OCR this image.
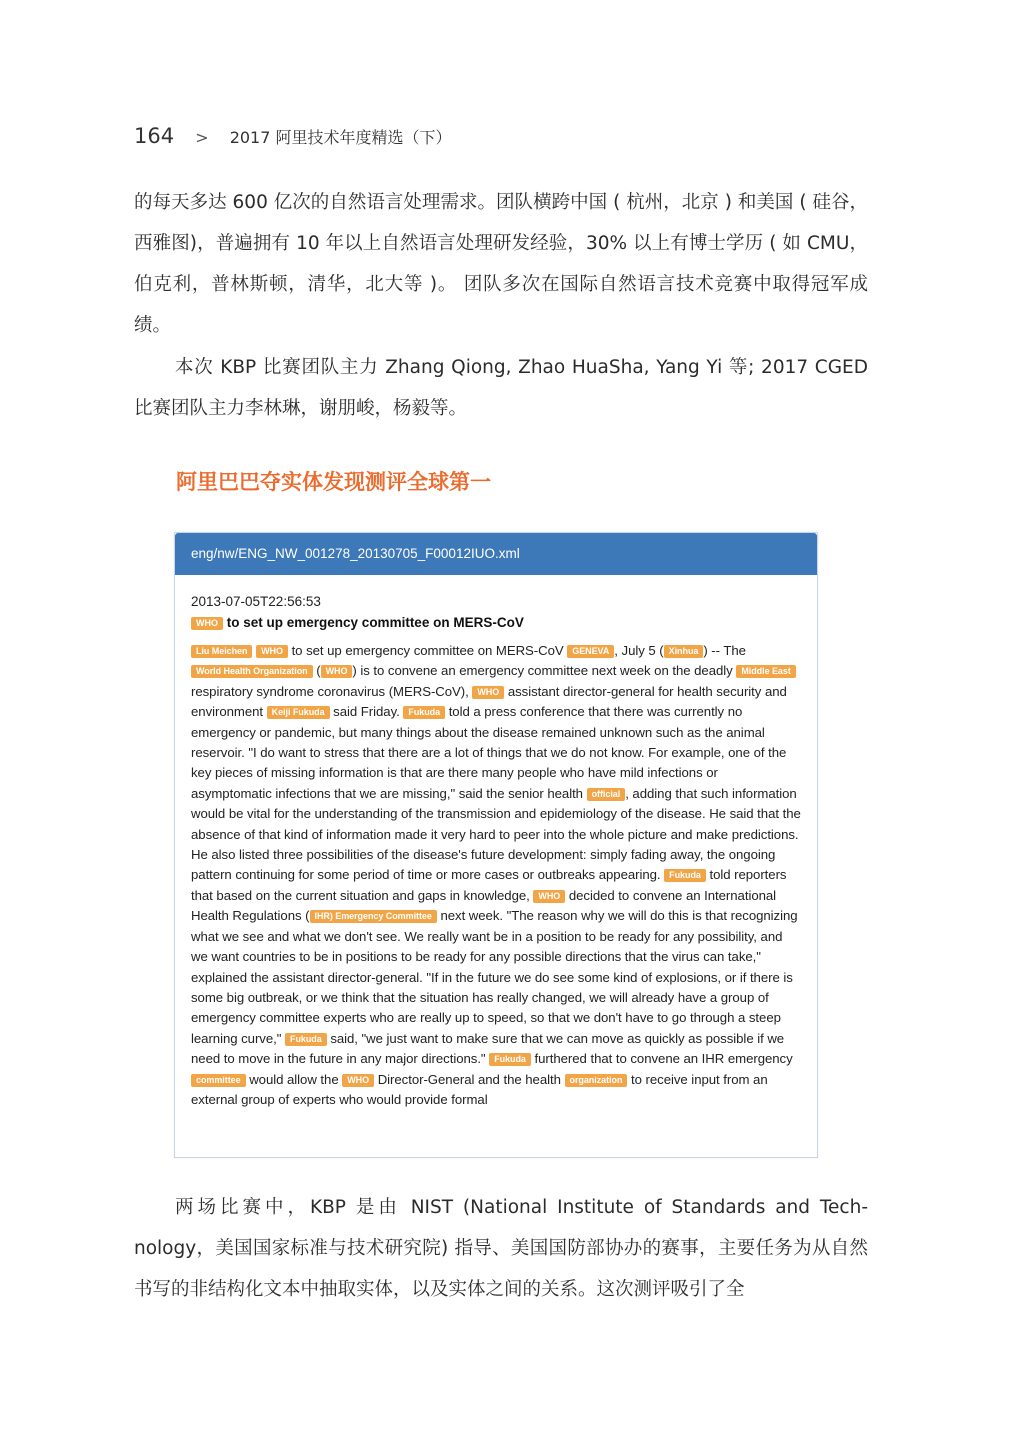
164 > 2017 阿里技术年度精选（下）
的每天多达 600 亿次的自然语言处理需求。团队横跨中国 ( 杭州，北京 ) 和美国 ( 硅谷，西雅图)，普遍拥有 10 年以上自然语言处理研发经验，30% 以上有博士学历 ( 如 CMU，伯克利，普林斯顿，清华，北大等 )。 团队多次在国际自然语言技术竞赛中取得冠军成绩。
本次 KBP 比赛团队主力 Zhang Qiong, Zhao HuaSha, Yang Yi 等; 2017 CGED 比赛团队主力李林琳，谢朋峻，杨毅等。
阿里巴巴夺实体发现测评全球第一
eng/nw/ENG_NW_001278_20130705_F00012IUO.xml
2013-07-05T22:56:53
WHO to set up emergency committee on MERS-CoV
Liu Meichen WHO to set up emergency committee on MERS-CoV GENEVA , July 5 ( Xinhua ) -- The World Health Organization ( WHO ) is to convene an emergency committee next week on the deadly Middle East respiratory syndrome coronavirus (MERS-CoV), WHO assistant director-general for health security and environment Keiji Fukuda said Friday. Fukuda told a press conference that there was currently no emergency or pandemic, but many things about the disease remained unknown such as the animal reservoir. "I do want to stress that there are a lot of things that we do not know. For example, one of the key pieces of missing information is that are there many people who have mild infections or asymptomatic infections that we are missing," said the senior health official , adding that such information would be vital for the understanding of the transmission and epidemiology of the disease. He said that the absence of that kind of information made it very hard to peer into the whole picture and make predictions. He also listed three possibilities of the disease's future development: simply fading away, the ongoing pattern continuing for some period of time or more cases or outbreaks appearing. Fukuda told reporters that based on the current situation and gaps in knowledge, WHO decided to convene an International Health Regulations ( IHR) Emergency Committee next week. "The reason why we will do this is that recognizing what we see and what we don't see. We really want be in a position to be ready for any possibility, and we want countries to be in positions to be ready for any possible directions that the virus can take," explained the assistant director-general. "If in the future we do see some kind of explosions, or if there is some big outbreak, or we think that the situation has really changed, we will already have a group of emergency committee experts who are really up to speed, so that we don't have to go through a steep learning curve," Fukuda said, "we just want to make sure that we can move as quickly as possible if we need to move in the future in any major directions." Fukuda furthered that to convene an IHR emergency committee would allow the WHO Director-General and the health organization to receive input from an external group of experts who would provide formal
两场比赛中，KBP 是由 NIST (National Institute of Standards and Tech-nology，美国国家标准与技术研究院) 指导、美国国防部协办的赛事，主要任务为从自然书写的非结构化文本中抽取实体，以及实体之间的关系。这次测评吸引了全
